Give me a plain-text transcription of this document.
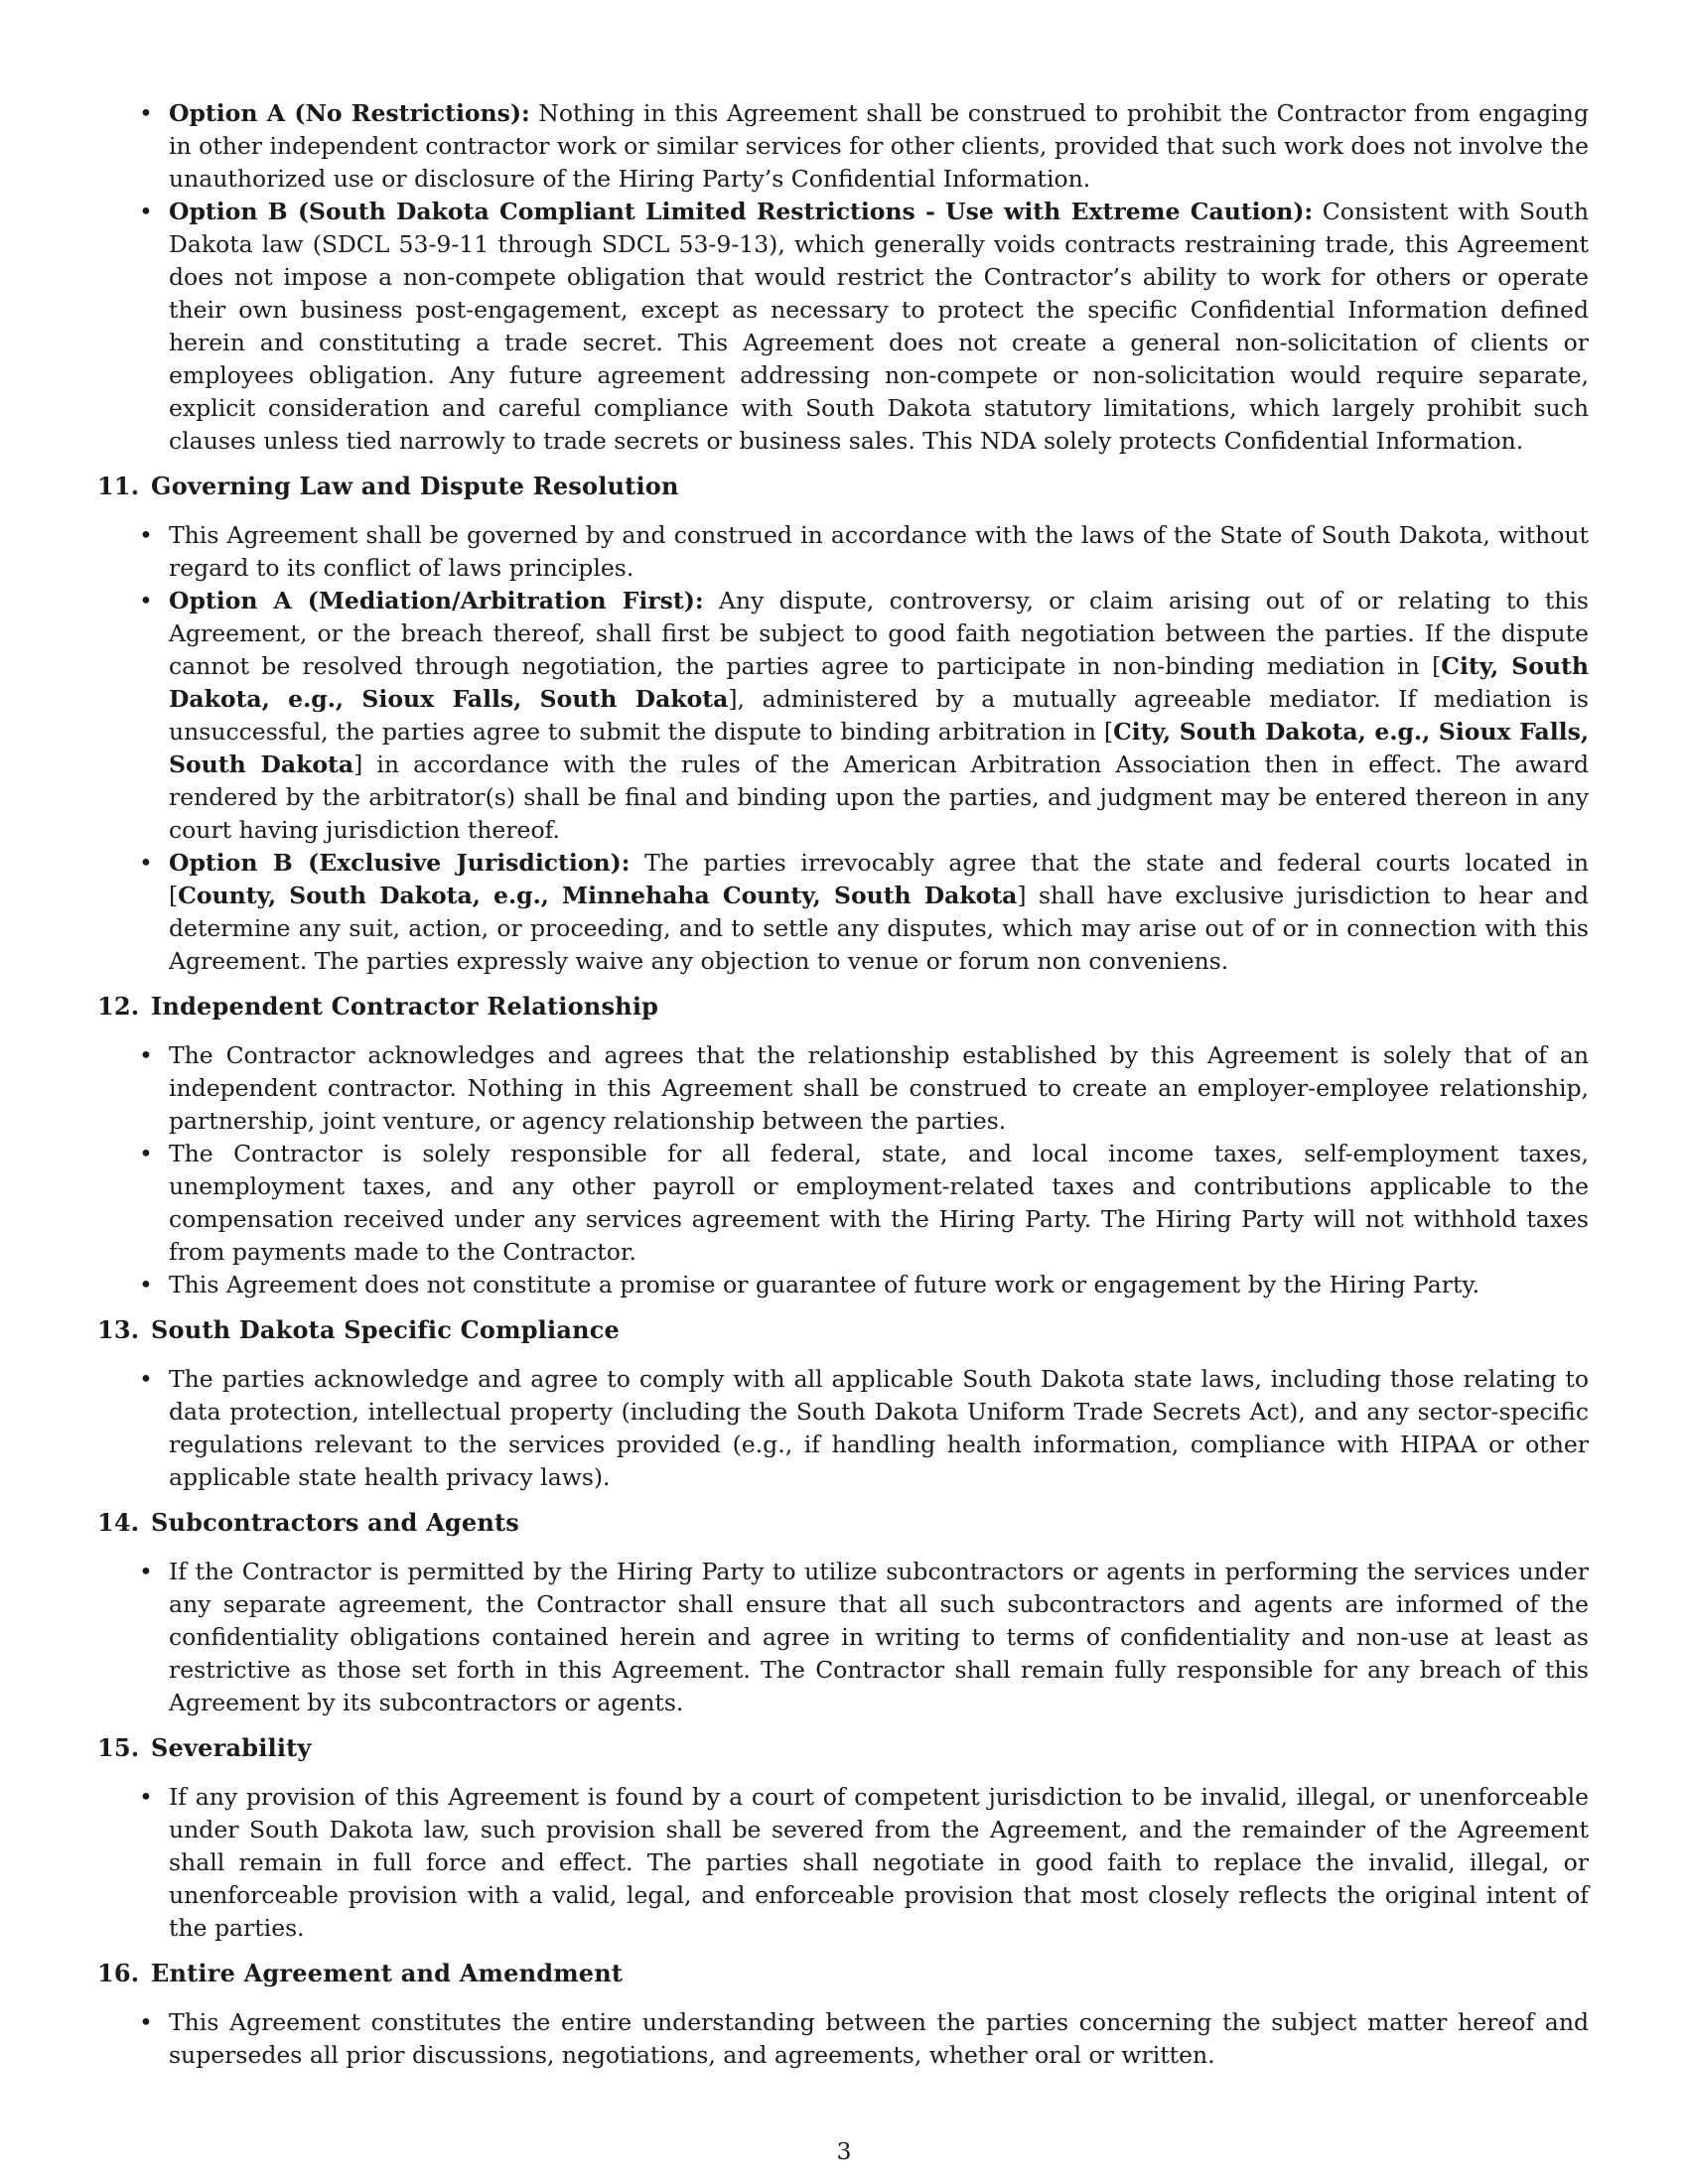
• Option A (No Restrictions): Nothing in this Agreement shall be construed to prohibit the Contractor from engaging in other independent contractor work or similar services for other clients, provided that such work does not involve the unauthorized use or disclosure of the Hiring Party’s Confidential Information.
• Option B (South Dakota Compliant Limited Restrictions - Use with Extreme Caution): Consistent with South Dakota law (SDCL 53-9-11 through SDCL 53-9-13), which generally voids contracts restraining trade, this Agreement does not impose a non-compete obligation that would restrict the Contractor’s ability to work for others or operate their own business post-engagement, except as necessary to protect the specific Confidential Information defined herein and constituting a trade secret. This Agreement does not create a general non-solicitation of clients or employees obligation. Any future agreement addressing non-compete or non-solicitation would require separate, explicit consideration and careful compliance with South Dakota statutory limitations, which largely prohibit such clauses unless tied narrowly to trade secrets or business sales. This NDA solely protects Confidential Information.
11. Governing Law and Dispute Resolution
• This Agreement shall be governed by and construed in accordance with the laws of the State of South Dakota, without regard to its conflict of laws principles.
• Option A (Mediation/Arbitration First): Any dispute, controversy, or claim arising out of or relating to this Agreement, or the breach thereof, shall first be subject to good faith negotiation between the parties. If the dispute cannot be resolved through negotiation, the parties agree to participate in non-binding mediation in [City, South Dakota, e.g., Sioux Falls, South Dakota], administered by a mutually agreeable mediator. If mediation is unsuccessful, the parties agree to submit the dispute to binding arbitration in [City, South Dakota, e.g., Sioux Falls, South Dakota] in accordance with the rules of the American Arbitration Association then in effect. The award rendered by the arbitrator(s) shall be final and binding upon the parties, and judgment may be entered thereon in any court having jurisdiction thereof.
• Option B (Exclusive Jurisdiction): The parties irrevocably agree that the state and federal courts located in [County, South Dakota, e.g., Minnehaha County, South Dakota] shall have exclusive jurisdiction to hear and determine any suit, action, or proceeding, and to settle any disputes, which may arise out of or in connection with this Agreement. The parties expressly waive any objection to venue or forum non conveniens.
12. Independent Contractor Relationship
• The Contractor acknowledges and agrees that the relationship established by this Agreement is solely that of an independent contractor. Nothing in this Agreement shall be construed to create an employer-employee relationship, partnership, joint venture, or agency relationship between the parties.
• The Contractor is solely responsible for all federal, state, and local income taxes, self-employment taxes, unemployment taxes, and any other payroll or employment-related taxes and contributions applicable to the compensation received under any services agreement with the Hiring Party. The Hiring Party will not withhold taxes from payments made to the Contractor.
• This Agreement does not constitute a promise or guarantee of future work or engagement by the Hiring Party.
13. South Dakota Specific Compliance
• The parties acknowledge and agree to comply with all applicable South Dakota state laws, including those relating to data protection, intellectual property (including the South Dakota Uniform Trade Secrets Act), and any sector-specific regulations relevant to the services provided (e.g., if handling health information, compliance with HIPAA or other applicable state health privacy laws).
14. Subcontractors and Agents
• If the Contractor is permitted by the Hiring Party to utilize subcontractors or agents in performing the services under any separate agreement, the Contractor shall ensure that all such subcontractors and agents are informed of the confidentiality obligations contained herein and agree in writing to terms of confidentiality and non-use at least as restrictive as those set forth in this Agreement. The Contractor shall remain fully responsible for any breach of this Agreement by its subcontractors or agents.
15. Severability
• If any provision of this Agreement is found by a court of competent jurisdiction to be invalid, illegal, or unenforceable under South Dakota law, such provision shall be severed from the Agreement, and the remainder of the Agreement shall remain in full force and effect. The parties shall negotiate in good faith to replace the invalid, illegal, or unenforceable provision with a valid, legal, and enforceable provision that most closely reflects the original intent of the parties.
16. Entire Agreement and Amendment
• This Agreement constitutes the entire understanding between the parties concerning the subject matter hereof and supersedes all prior discussions, negotiations, and agreements, whether oral or written.
3
